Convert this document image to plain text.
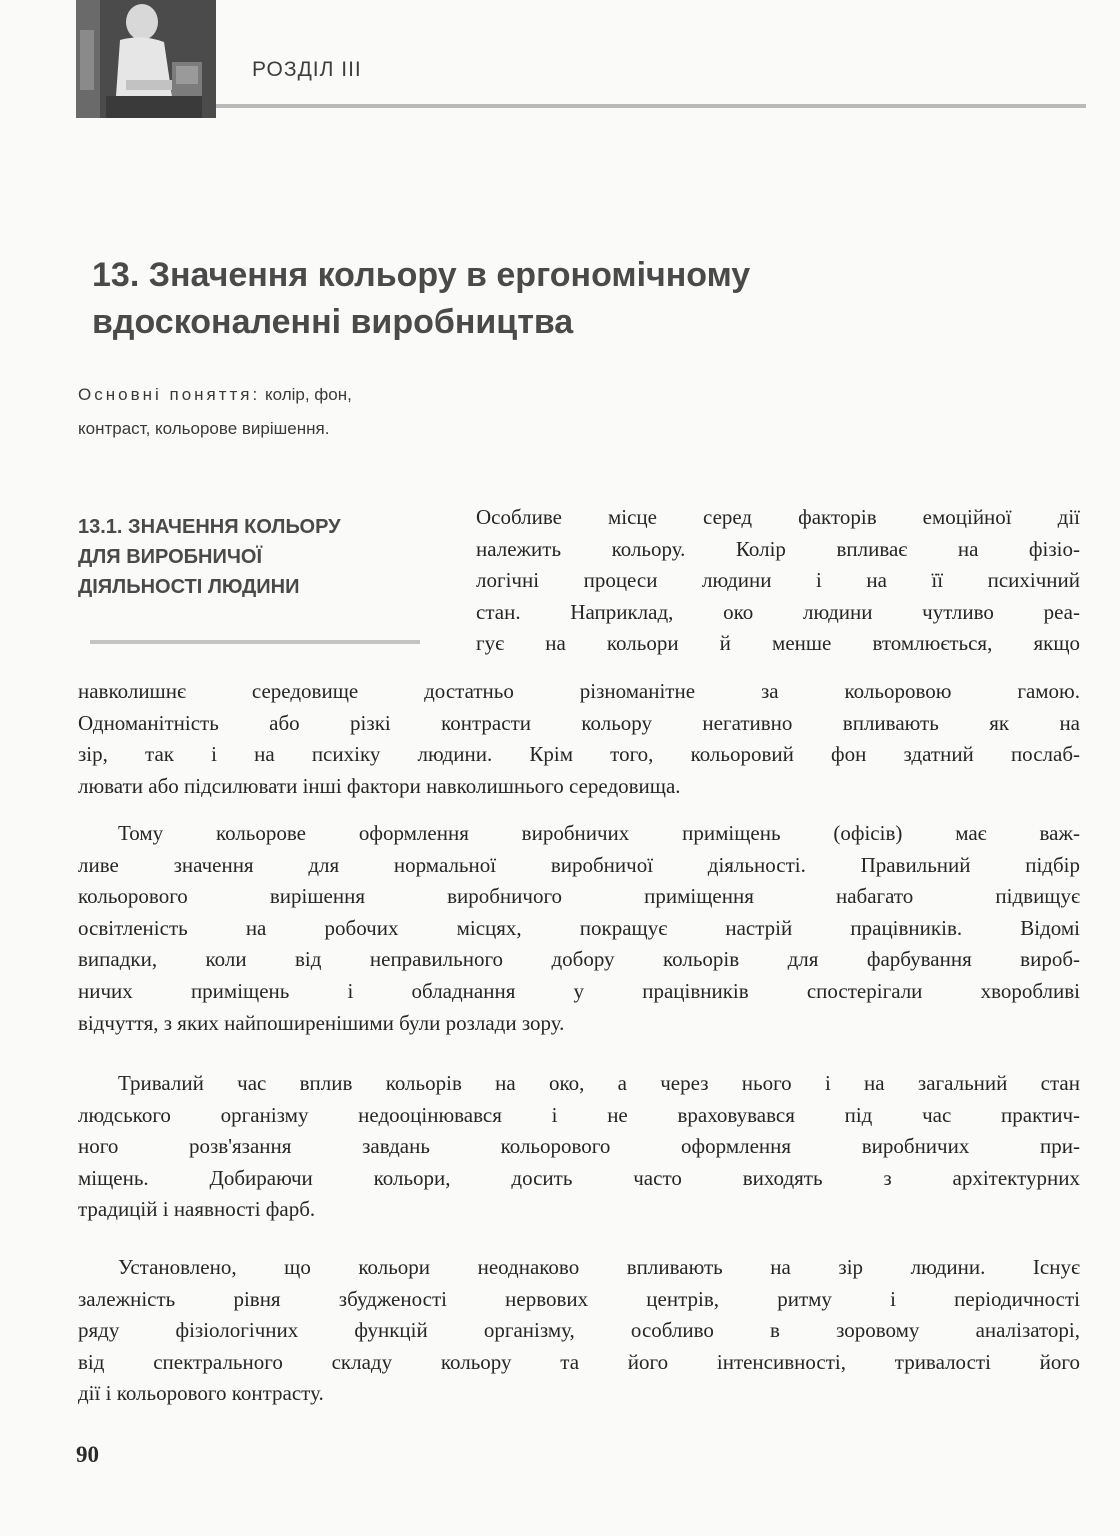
РОЗДІЛ ІІІ
13. Значення кольору в ергономічному
вдосконаленні виробництва
Основні поняття: колір, фон,
контраст, кольорове вирішення.
13.1. ЗНАЧЕННЯ КОЛЬОРУ
ДЛЯ ВИРОБНИЧОЇ
ДІЯЛЬНОСТІ ЛЮДИНИ
Особливе місце серед факторів емоційної дії
належить кольору. Колір впливає на фізіо-
логічні процеси людини і на її психічний
стан. Наприклад, око людини чутливо реа-
гує на кольори й менше втомлюється, якщо
навколишнє середовище достатньо різноманітне за кольоровою гамою.
Одноманітність або різкі контрасти кольору негативно впливають як на
зір, так і на психіку людини. Крім того, кольоровий фон здатний послаб-
лювати або підсилювати інші фактори навколишнього середовища.
Тому кольорове оформлення виробничих приміщень (офісів) має важ-
ливе значення для нормальної виробничої діяльності. Правильний підбір
кольорового вирішення виробничого приміщення набагато підвищує
освітленість на робочих місцях, покращує настрій працівників. Відомі
випадки, коли від неправильного добору кольорів для фарбування вироб-
ничих приміщень і обладнання у працівників спостерігали хворобливі
відчуття, з яких найпоширенішими були розлади зору.
Тривалий час вплив кольорів на око, а через нього і на загальний стан
людського організму недооцінювався і не враховувався під час практич-
ного розв'язання завдань кольорового оформлення виробничих при-
міщень. Добираючи кольори, досить часто виходять з архітектурних
традицій і наявності фарб.
Установлено, що кольори неоднаково впливають на зір людини. Існує
залежність рівня збудженості нервових центрів, ритму і періодичності
ряду фізіологічних функцій організму, особливо в зоровому аналізаторі,
від спектрального складу кольору та його інтенсивності, тривалості його
дії і кольорового контрасту.
90
